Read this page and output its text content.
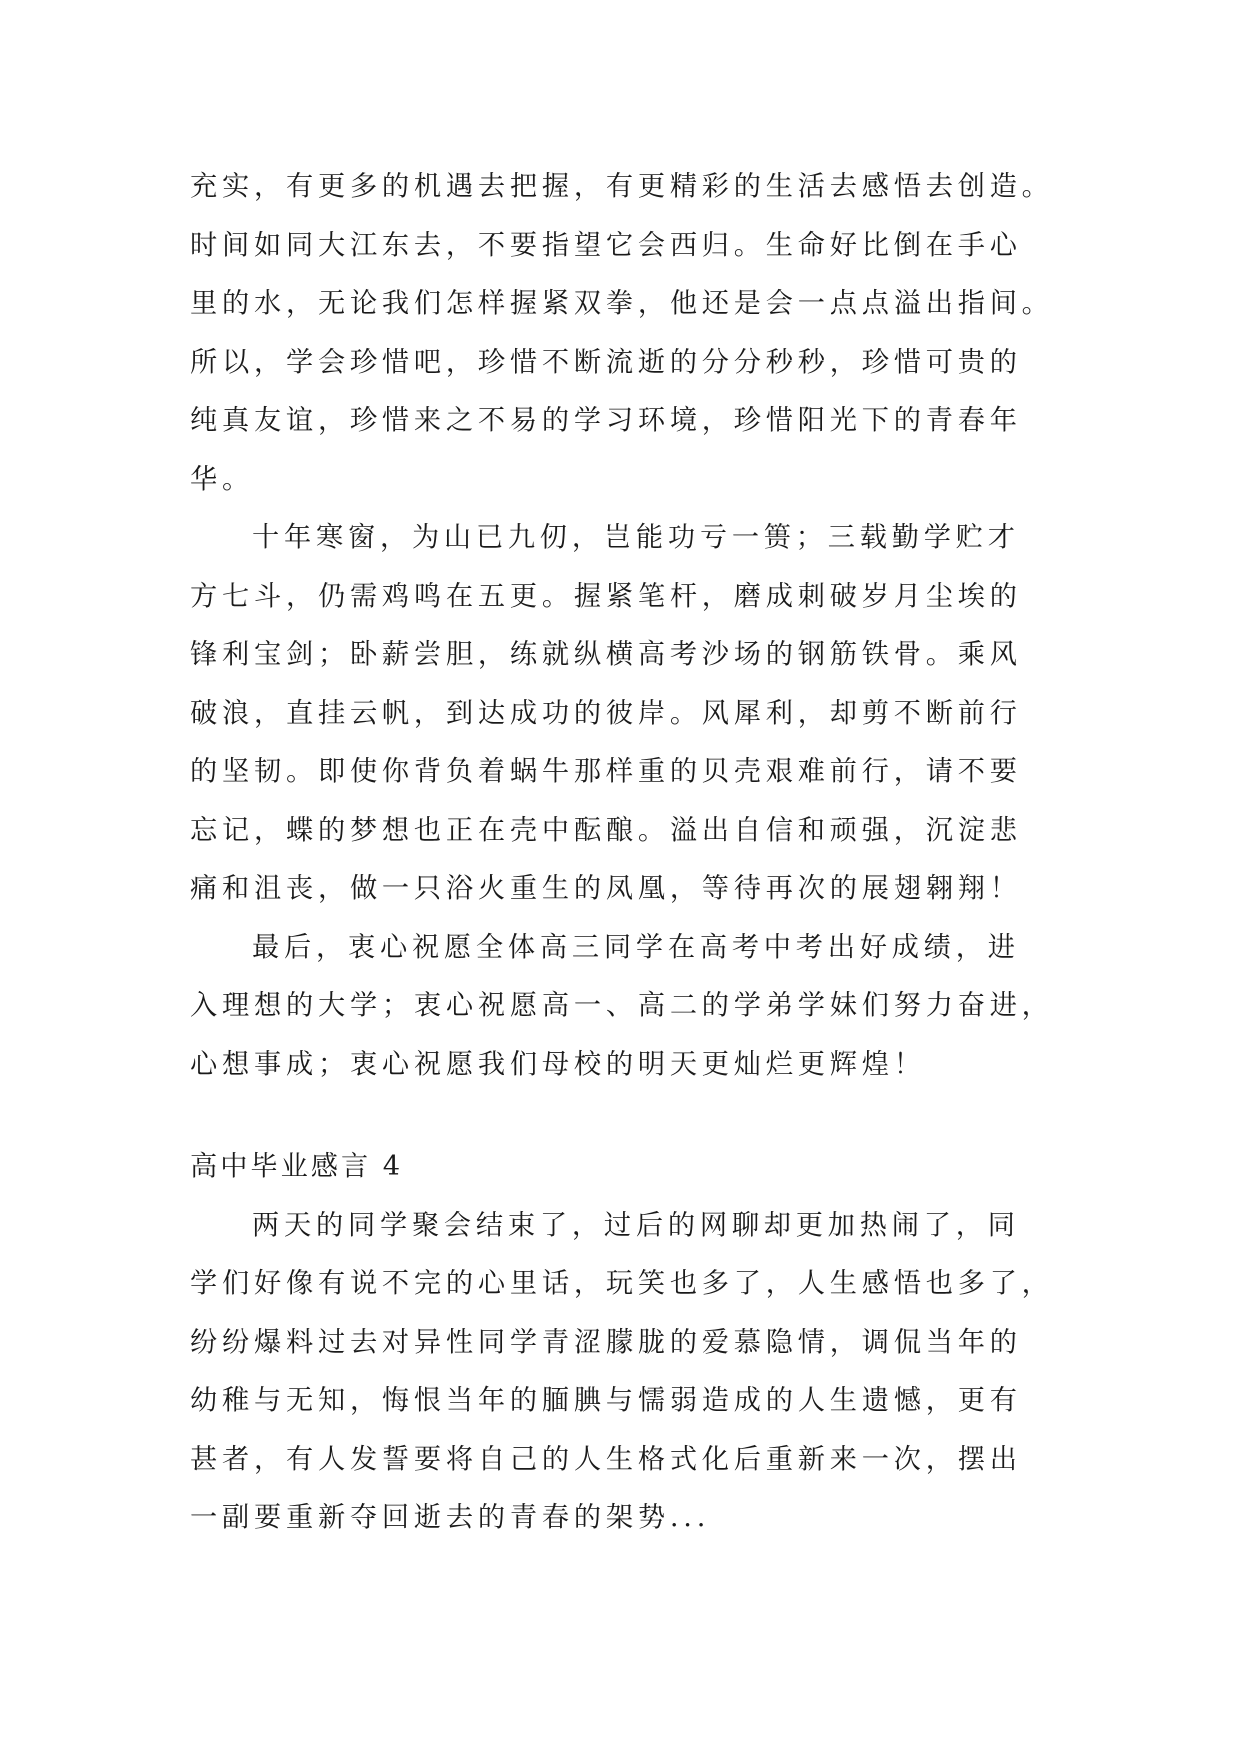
充实，有更多的机遇去把握，有更精彩的生活去感悟去创造。
时间如同大江东去，不要指望它会西归。生命好比倒在手心
里的水，无论我们怎样握紧双拳，他还是会一点点溢出指间。
所以，学会珍惜吧，珍惜不断流逝的分分秒秒，珍惜可贵的
纯真友谊，珍惜来之不易的学习环境，珍惜阳光下的青春年
华。
十年寒窗，为山已九仞，岂能功亏一篑；三载勤学贮才
方七斗，仍需鸡鸣在五更。握紧笔杆，磨成刺破岁月尘埃的
锋利宝剑；卧薪尝胆，练就纵横高考沙场的钢筋铁骨。乘风
破浪，直挂云帆，到达成功的彼岸。风犀利，却剪不断前行
的坚韧。即使你背负着蜗牛那样重的贝壳艰难前行，请不要
忘记，蝶的梦想也正在壳中酝酿。溢出自信和顽强，沉淀悲
痛和沮丧，做一只浴火重生的凤凰，等待再次的展翅翱翔！
最后，衷心祝愿全体高三同学在高考中考出好成绩，进
入理想的大学；衷心祝愿高一、高二的学弟学妹们努力奋进，
心想事成；衷心祝愿我们母校的明天更灿烂更辉煌！
高中毕业感言 4
两天的同学聚会结束了，过后的网聊却更加热闹了，同
学们好像有说不完的心里话，玩笑也多了，人生感悟也多了，
纷纷爆料过去对异性同学青涩朦胧的爱慕隐情，调侃当年的
幼稚与无知，悔恨当年的腼腆与懦弱造成的人生遗憾，更有
甚者，有人发誓要将自己的人生格式化后重新来一次，摆出
一副要重新夺回逝去的青春的架势...
